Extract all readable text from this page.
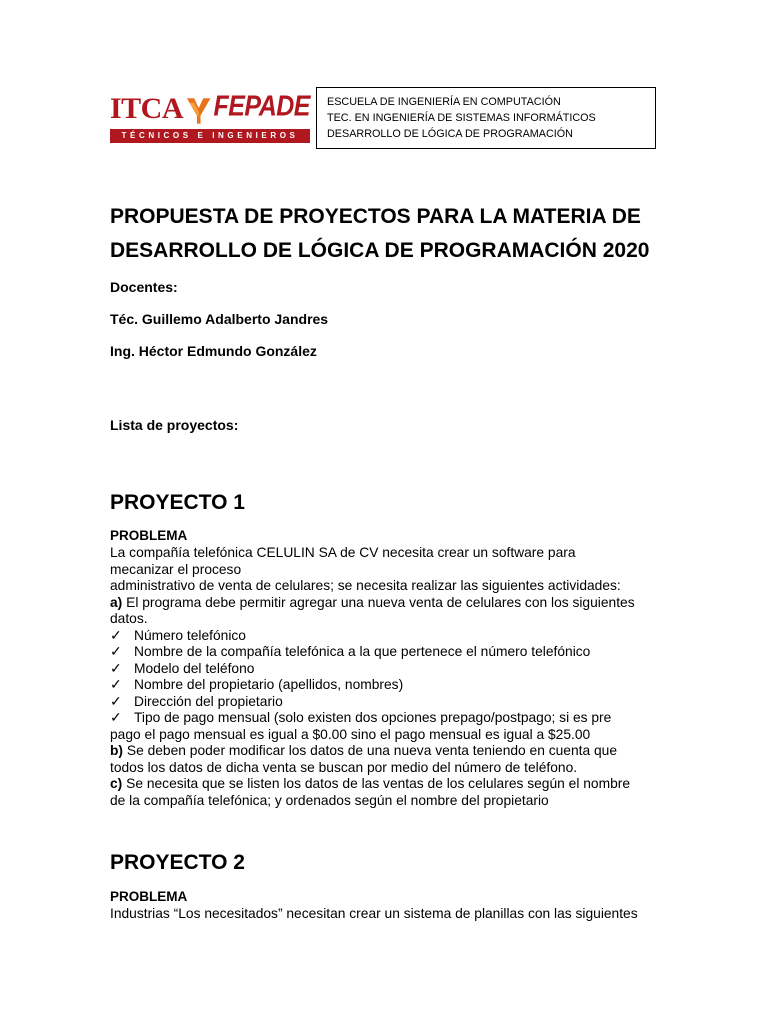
ITCA FEPADE
TÉCNICOS E INGENIEROS
ESCUELA DE INGENIERÍA EN COMPUTACIÓN
TEC. EN INGENIERÍA DE SISTEMAS INFORMÁTICOS
DESARROLLO DE LÓGICA DE PROGRAMACIÓN
PROPUESTA DE PROYECTOS PARA LA MATERIA DE
DESARROLLO DE LÓGICA DE PROGRAMACIÓN 2020
Docentes:
Téc. Guillemo Adalberto Jandres
Ing. Héctor Edmundo González
Lista de proyectos:
PROYECTO 1
PROBLEMA
La compañía telefónica CELULIN SA de CV necesita crear un software para
mecanizar el proceso
administrativo de venta de celulares; se necesita realizar las siguientes actividades:
a) El programa debe permitir agregar una nueva venta de celulares con los siguientes
datos.
✓ Número telefónico
✓ Nombre de la compañía telefónica a la que pertenece el número telefónico
✓ Modelo del teléfono
✓ Nombre del propietario (apellidos, nombres)
✓ Dirección del propietario
✓ Tipo de pago mensual (solo existen dos opciones prepago/postpago; si es pre
pago el pago mensual es igual a $0.00 sino el pago mensual es igual a $25.00
b) Se deben poder modificar los datos de una nueva venta teniendo en cuenta que
todos los datos de dicha venta se buscan por medio del número de teléfono.
c) Se necesita que se listen los datos de las ventas de los celulares según el nombre
de la compañía telefónica; y ordenados según el nombre del propietario
PROYECTO 2
PROBLEMA
Industrias “Los necesitados” necesitan crear un sistema de planillas con las siguientes
